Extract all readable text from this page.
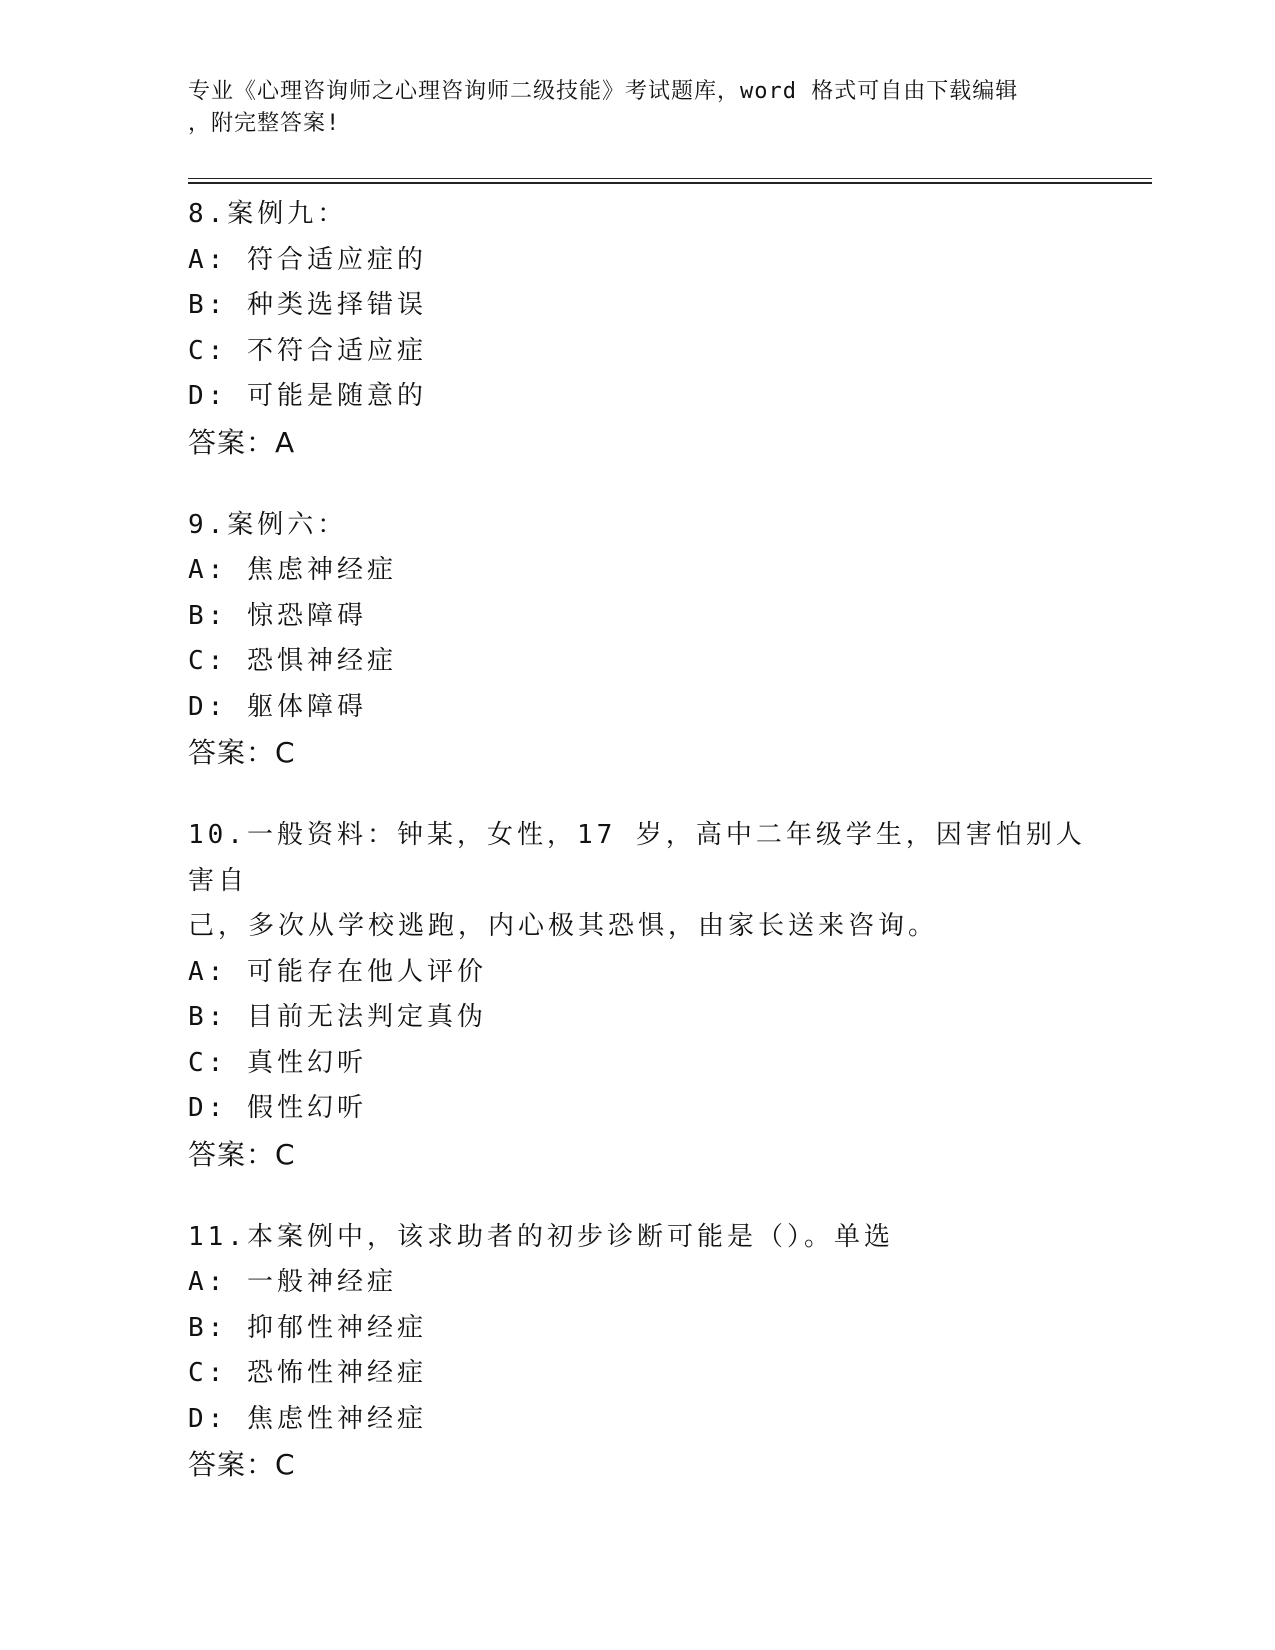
专业《心理咨询师之心理咨询师二级技能》考试题库，word 格式可自由下载编辑
，附完整答案!
8.案例九：
A: 符合适应症的
B: 种类选择错误
C: 不符合适应症
D: 可能是随意的
答案：A
9.案例六：
A: 焦虑神经症
B: 惊恐障碍
C: 恐惧神经症
D: 躯体障碍
答案：C
10.一般资料：钟某，女性，17 岁，高中二年级学生，因害怕别人害自
己，多次从学校逃跑，内心极其恐惧，由家长送来咨询。
A: 可能存在他人评价
B: 目前无法判定真伪
C: 真性幻听
D: 假性幻听
答案：C
11.本案例中，该求助者的初步诊断可能是（）。单选
A: 一般神经症
B: 抑郁性神经症
C: 恐怖性神经症
D: 焦虑性神经症
答案：C
